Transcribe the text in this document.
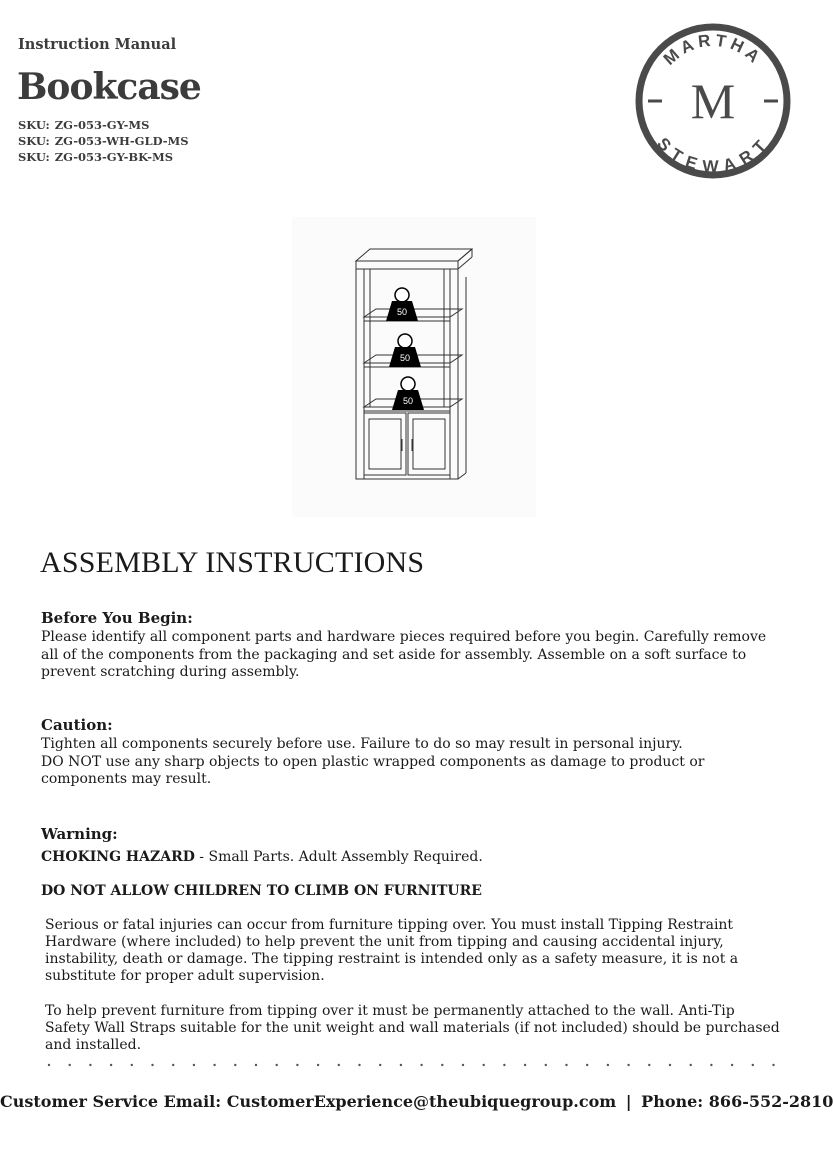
Instruction Manual
Bookcase
SKU: ZG-053-GY-MS
SKU: ZG-053-WH-GLD-MS
SKU: ZG-053-GY-BK-MS
MARTHA
STEWART
M
50
50
50
ASSEMBLY INSTRUCTIONS
Before You Begin:
Please identify all component parts and hardware pieces required before you begin. Carefully remove all of the components from the packaging and set aside for assembly. Assemble on a soft surface to prevent scratching during assembly.
Caution:

Tighten all components securely before use. Failure to do so may result in personal injury.

DO NOT use any sharp objects to open plastic wrapped components as damage to product or components may result.

Warning:
CHOKING HAZARD - Small Parts. Adult Assembly Required.
DO NOT ALLOW CHILDREN TO CLIMB ON FURNITURE

Serious or fatal injuries can occur from furniture tipping over. You must install Tipping Restraint Hardware (where included) to help prevent the unit from tipping and causing accidental injury, instability, death or damage. The tipping restraint is intended only as a safety measure, it is not a substitute for proper adult supervision.

To help prevent furniture from tipping over it must be permanently attached to the wall. Anti-Tip Safety Wall Straps suitable for the unit weight and wall materials (if not included) should be purchased and installed.

Customer Service Email: CustomerExperience@theubiquegroup.com | Phone: 866-552-2810
